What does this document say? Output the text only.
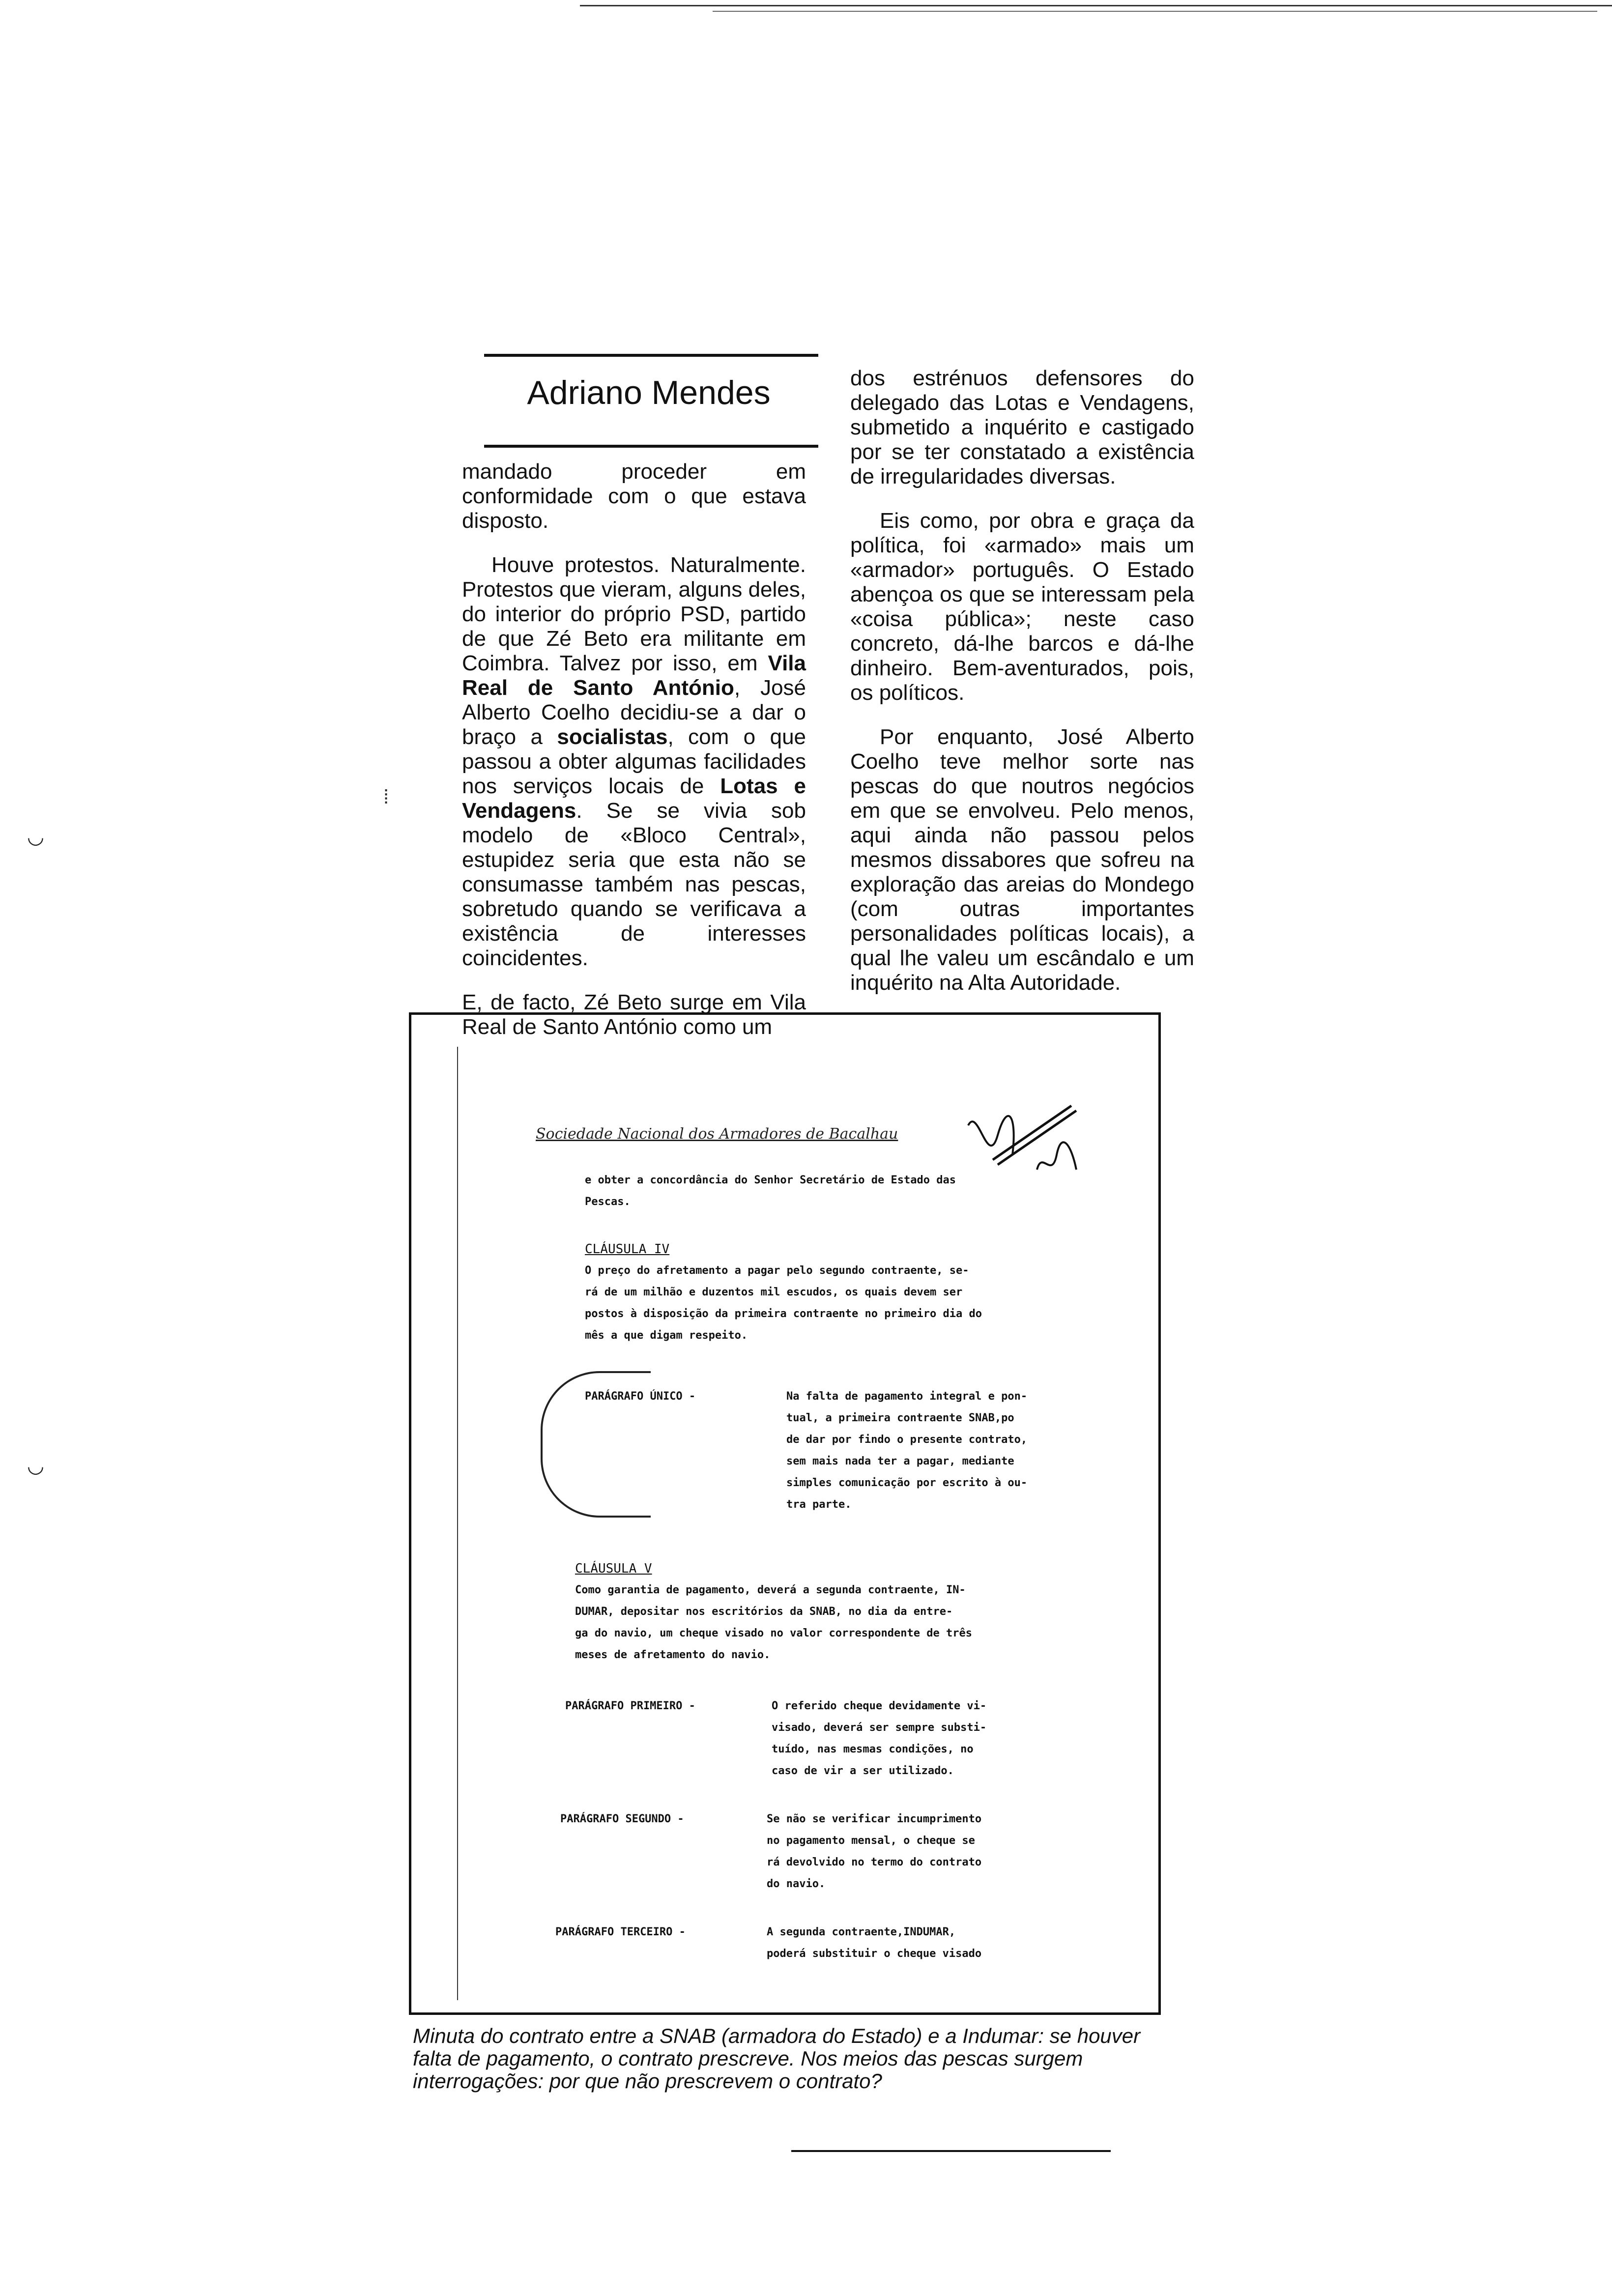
Adriano Mendes

mandado proceder em conformidade com o que estava disposto.

Houve protestos. Naturalmente. Protestos que vieram, alguns deles, do interior do próprio PSD, partido de que Zé Beto era militante em Coimbra. Talvez por isso, em Vila Real de Santo António, José Alberto Coelho decidiu-se a dar o braço a socialistas, com o que passou a obter algumas facilidades nos serviços locais de Lotas e Vendagens. Se se vivia sob modelo de «Bloco Central», estupidez seria que esta não se consumasse também nas pescas, sobretudo quando se verificava a existência de interesses coincidentes.

E, de facto, Zé Beto surge em Vila Real de Santo António como um

dos estrénuos defensores do delegado das Lotas e Vendagens, submetido a inquérito e castigado por se ter constatado a existência de irregularidades diversas.

Eis como, por obra e graça da política, foi «armado» mais um «armador» português. O Estado abençoa os que se interessam pela «coisa pública»; neste caso concreto, dá-lhe barcos e dá-lhe dinheiro. Bem-aventurados, pois, os políticos.

Por enquanto, José Alberto Coelho teve melhor sorte nas pescas do que noutros negócios em que se envolveu. Pelo menos, aqui ainda não passou pelos mesmos dissabores que sofreu na exploração das areias do Mondego (com outras importantes personalidades políticas locais), a qual lhe valeu um escândalo e um inquérito na Alta Autoridade.

⁞
◡
◡
Sociedade Nacional dos Armadores de Bacalhau
e obter a concordância do Senhor Secretário de Estado das
Pescas.
CLÁUSULA IV
O preço do afretamento a pagar pelo segundo contraente, se-
rá de um milhão e duzentos mil escudos, os quais devem ser
postos à disposição da primeira contraente no primeiro dia do
mês a que digam respeito.
PARÁGRAFO ÚNICO -	Na falta de pagamento integral e pon-
tual, a primeira contraente SNAB,po
de dar por findo o presente contrato,
sem mais nada ter a pagar, mediante
simples comunicação por escrito à ou-
tra parte.
CLÁUSULA V
Como garantia de pagamento, deverá a segunda contraente, IN-
DUMAR, depositar nos escritórios da SNAB, no dia da entre-
ga do navio, um cheque visado no valor correspondente de três
meses de afretamento do navio.
PARÁGRAFO PRIMEIRO -	O referido cheque devidamente vi-
visado, deverá ser sempre substi-
tuído, nas mesmas condições, no
caso de vir a ser utilizado.
PARÁGRAFO SEGUNDO -	Se não se verificar incumprimento
no pagamento mensal, o cheque se
rá devolvido no termo do contrato
do navio.
PARÁGRAFO TERCEIRO -	A segunda contraente,INDUMAR,
poderá substituir o cheque visado
Minuta do contrato entre a SNAB (armadora do Estado) e a Indumar: se houver falta de pagamento, o contrato prescreve. Nos meios das pescas surgem interrogações: por que não prescrevem o contrato?
